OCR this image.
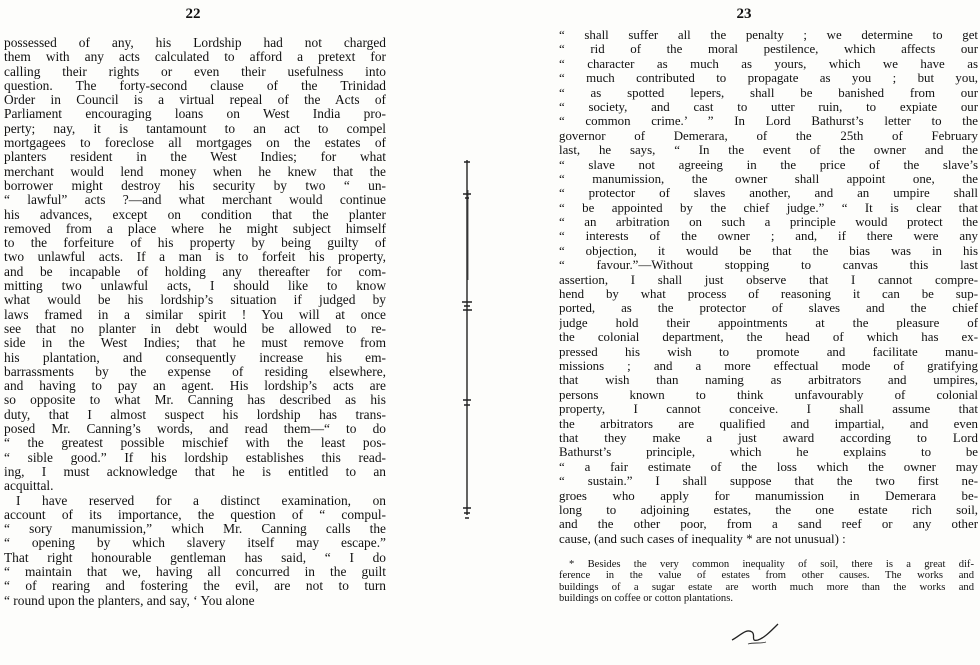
22
possessed of any, his Lordship had not charged
them with any acts calculated to afford a pretext for
calling their rights or even their usefulness into
question. The forty-second clause of the Trinidad
Order in Council is a virtual repeal of the Acts of
Parliament encouraging loans on West India pro-
perty; nay, it is tantamount to an act to compel
mortgagees to foreclose all mortgages on the estates of
planters resident in the West Indies; for what
merchant would lend money when he knew that the
borrower might destroy his security by two “ un-
“ lawful” acts ?—and what merchant would continue
his advances, except on condition that the planter
removed from a place where he might subject himself
to the forfeiture of his property by being guilty of
two unlawful acts. If a man is to forfeit his property,
and be incapable of holding any thereafter for com-
mitting two unlawful acts, I should like to know
what would be his lordship’s situation if judged by
laws framed in a similar spirit ! You will at once
see that no planter in debt would be allowed to re-
side in the West Indies; that he must remove from
his plantation, and consequently increase his em-
barrassments by the expense of residing elsewhere,
and having to pay an agent. His lordship’s acts are
so opposite to what Mr. Canning has described as his
duty, that I almost suspect his lordship has trans-
posed Mr. Canning’s words, and read them—“ to do
“ the greatest possible mischief with the least pos-
“ sible good.” If his lordship establishes this read-
ing, I must acknowledge that he is entitled to an
acquittal.
I have reserved for a distinct examination, on
account of its importance, the question of “ compul-
“ sory manumission,” which Mr. Canning calls the
“ opening by which slavery itself may escape.”
That right honourable gentleman has said, “ I do
“ maintain that we, having all concurred in the guilt
“ of rearing and fostering the evil, are not to turn
“ round upon the planters, and say, ‘ You alone
23
“ shall suffer all the penalty ; we determine to get
“ rid of the moral pestilence, which affects our
“ character as much as yours, which we have as
“ much contributed to propagate as you ; but you,
“ as spotted lepers, shall be banished from our
“ society, and cast to utter ruin, to expiate our
“ common crime.’ ” In Lord Bathurst’s letter to the
governor of Demerara, of the 25th of February
last, he says, “ In the event of the owner and the
“ slave not agreeing in the price of the slave’s
“ manumission, the owner shall appoint one, the
“ protector of slaves another, and an umpire shall
“ be appointed by the chief judge.” “ It is clear that
“ an arbitration on such a principle would protect the
“ interests of the owner ; and, if there were any
“ objection, it would be that the bias was in his
“ favour.”—Without stopping to canvas this last
assertion, I shall just observe that I cannot compre-
hend by what process of reasoning it can be sup-
ported, as the protector of slaves and the chief
judge hold their appointments at the pleasure of
the colonial department, the head of which has ex-
pressed his wish to promote and facilitate manu-
missions ; and a more effectual mode of gratifying
that wish than naming as arbitrators and umpires,
persons known to think unfavourably of colonial
property, I cannot conceive. I shall assume that
the arbitrators are qualified and impartial, and even
that they make a just award according to Lord
Bathurst’s principle, which he explains to be
“ a fair estimate of the loss which the owner may
“ sustain.” I shall suppose that the two first ne-
groes who apply for manumission in Demerara be-
long to adjoining estates, the one estate rich soil,
and the other poor, from a sand reef or any other
cause, (and such cases of inequality * are not unusual) :
* Besides the very common inequality of soil, there is a great dif-
ference in the value of estates from other causes. The works and
buildings of a sugar estate are worth much more than the works and
buildings on coffee or cotton plantations.
